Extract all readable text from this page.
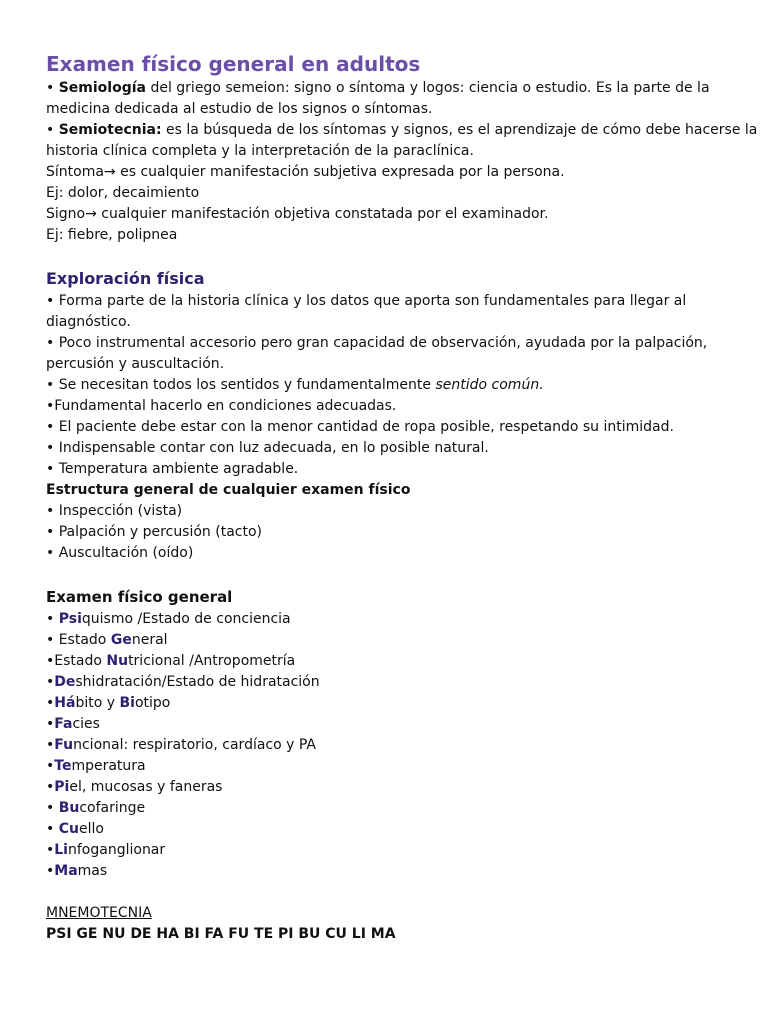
Examen físico general en adultos
• Semiología del griego semeion: signo o síntoma y logos: ciencia o estudio. Es la parte de la
medicina dedicada al estudio de los signos o síntomas.
• Semiotecnia: es la búsqueda de los síntomas y signos, es el aprendizaje de cómo debe hacerse la
historia clínica completa y la interpretación de la paraclínica.
Síntoma→ es cualquier manifestación subjetiva expresada por la persona.
Ej: dolor, decaimiento
Signo→ cualquier manifestación objetiva constatada por el examinador.
Ej: fiebre, polipnea
Exploración física
• Forma parte de la historia clínica y los datos que aporta son fundamentales para llegar al
diagnóstico.
• Poco instrumental accesorio pero gran capacidad de observación, ayudada por la palpación,
percusión y auscultación.
• Se necesitan todos los sentidos y fundamentalmente sentido común.
•Fundamental hacerlo en condiciones adecuadas.
• El paciente debe estar con la menor cantidad de ropa posible, respetando su intimidad.
• Indispensable contar con luz adecuada, en lo posible natural.
• Temperatura ambiente agradable.
Estructura general de cualquier examen físico
• Inspección (vista)
• Palpación y percusión (tacto)
• Auscultación (oído)
Examen físico general
• Psiquismo /Estado de conciencia
• Estado General
•Estado Nutricional /Antropometría
•Deshidratación/Estado de hidratación
•Hábito y Biotipo
•Facies
•Funcional: respiratorio, cardíaco y PA
•Temperatura
•Piel, mucosas y faneras
• Bucofaringe
• Cuello
•Linfoganglionar
•Mamas
MNEMOTECNIA
PSI GE NU DE HA BI FA FU TE PI BU CU LI MA
